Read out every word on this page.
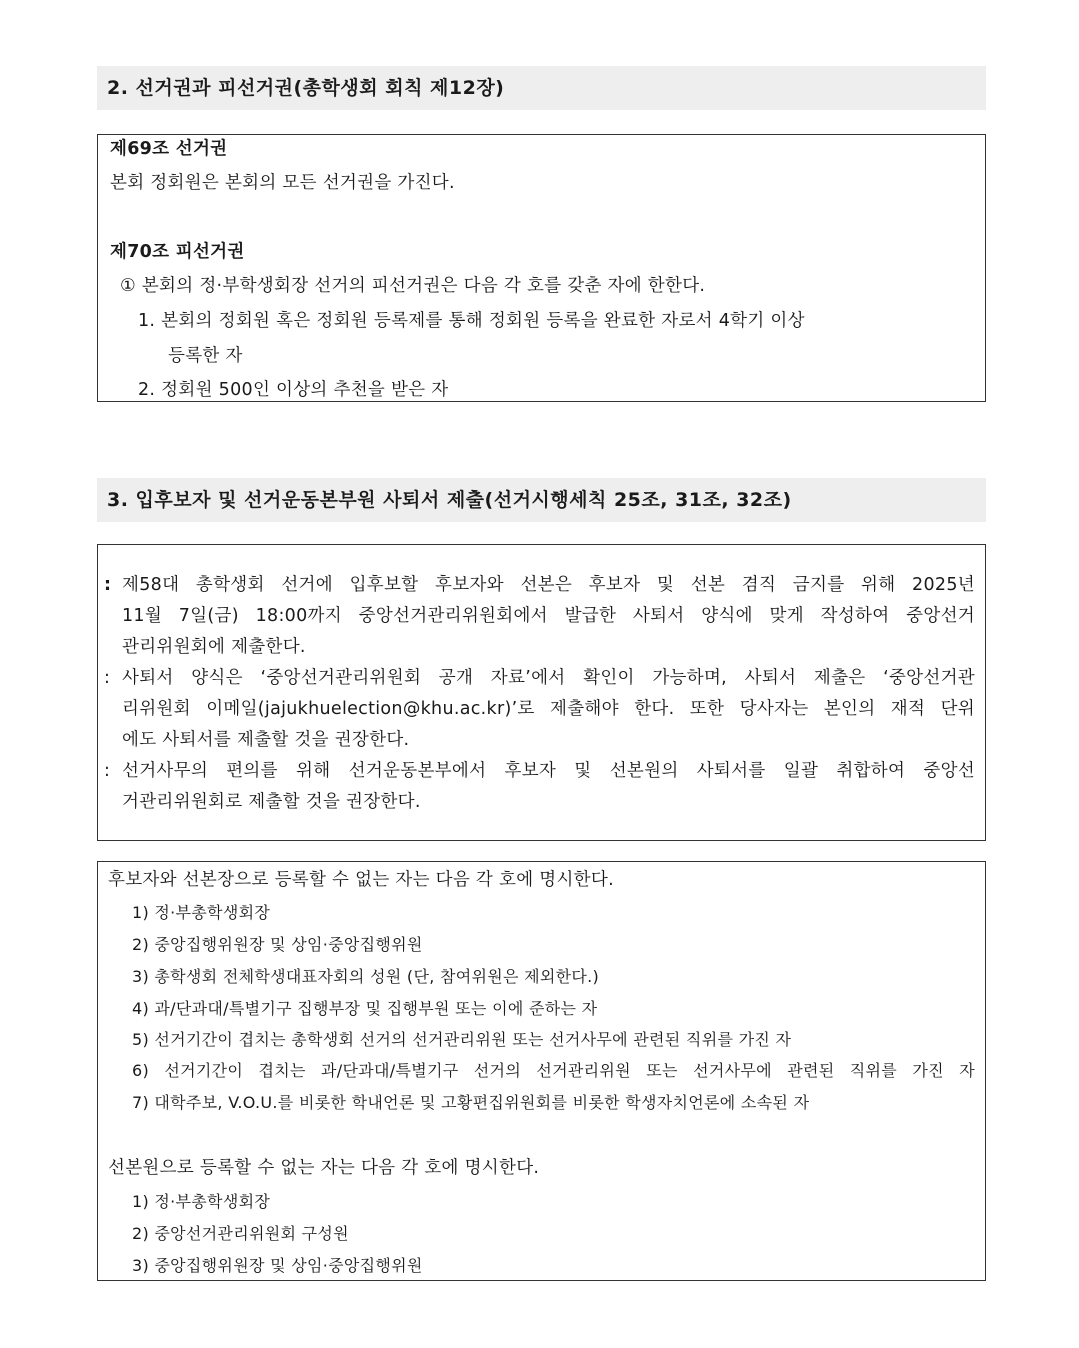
2. 선거권과 피선거권(총학생회 회칙 제12장)
제69조 선거권
본회 정회원은 본회의 모든 선거권을 가진다.
제70조 피선거권
① 본회의 정·부학생회장 선거의 피선거권은 다음 각 호를 갖춘 자에 한한다.
1. 본회의 정회원 혹은 정회원 등록제를 통해 정회원 등록을 완료한 자로서 4학기 이상
등록한 자
2. 정회원 500인 이상의 추천을 받은 자
3. 입후보자 및 선거운동본부원 사퇴서 제출(선거시행세칙 25조, 31조, 32조)
: 제58대 총학생회 선거에 입후보할 후보자와 선본은 후보자 및 선본 겸직 금지를 위해 2025년
11월 7일(금) 18:00까지 중앙선거관리위원회에서 발급한 사퇴서 양식에 맞게 작성하여 중앙선거
관리위원회에 제출한다.
: 사퇴서 양식은 ‘중앙선거관리위원회 공개 자료’에서 확인이 가능하며, 사퇴서 제출은 ‘중앙선거관
리위원회 이메일(jajukhuelection@khu.ac.kr)’로 제출해야 한다. 또한 당사자는 본인의 재적 단위
에도 사퇴서를 제출할 것을 권장한다.
: 선거사무의 편의를 위해 선거운동본부에서 후보자 및 선본원의 사퇴서를 일괄 취합하여 중앙선
거관리위원회로 제출할 것을 권장한다.
후보자와 선본장으로 등록할 수 없는 자는 다음 각 호에 명시한다.
1) 정·부총학생회장
2) 중앙집행위원장 및 상임·중앙집행위원
3) 총학생회 전체학생대표자회의 성원 (단, 참여위원은 제외한다.)
4) 과/단과대/특별기구 집행부장 및 집행부원 또는 이에 준하는 자
5) 선거기간이 겹치는 총학생회 선거의 선거관리위원 또는 선거사무에 관련된 직위를 가진 자
6) 선거기간이 겹치는 과/단과대/특별기구 선거의 선거관리위원 또는 선거사무에 관련된 직위를 가진 자
7) 대학주보, V.O.U.를 비롯한 학내언론 및 고황편집위원회를 비롯한 학생자치언론에 소속된 자
선본원으로 등록할 수 없는 자는 다음 각 호에 명시한다.
1) 정·부총학생회장
2) 중앙선거관리위원회 구성원
3) 중앙집행위원장 및 상임·중앙집행위원
